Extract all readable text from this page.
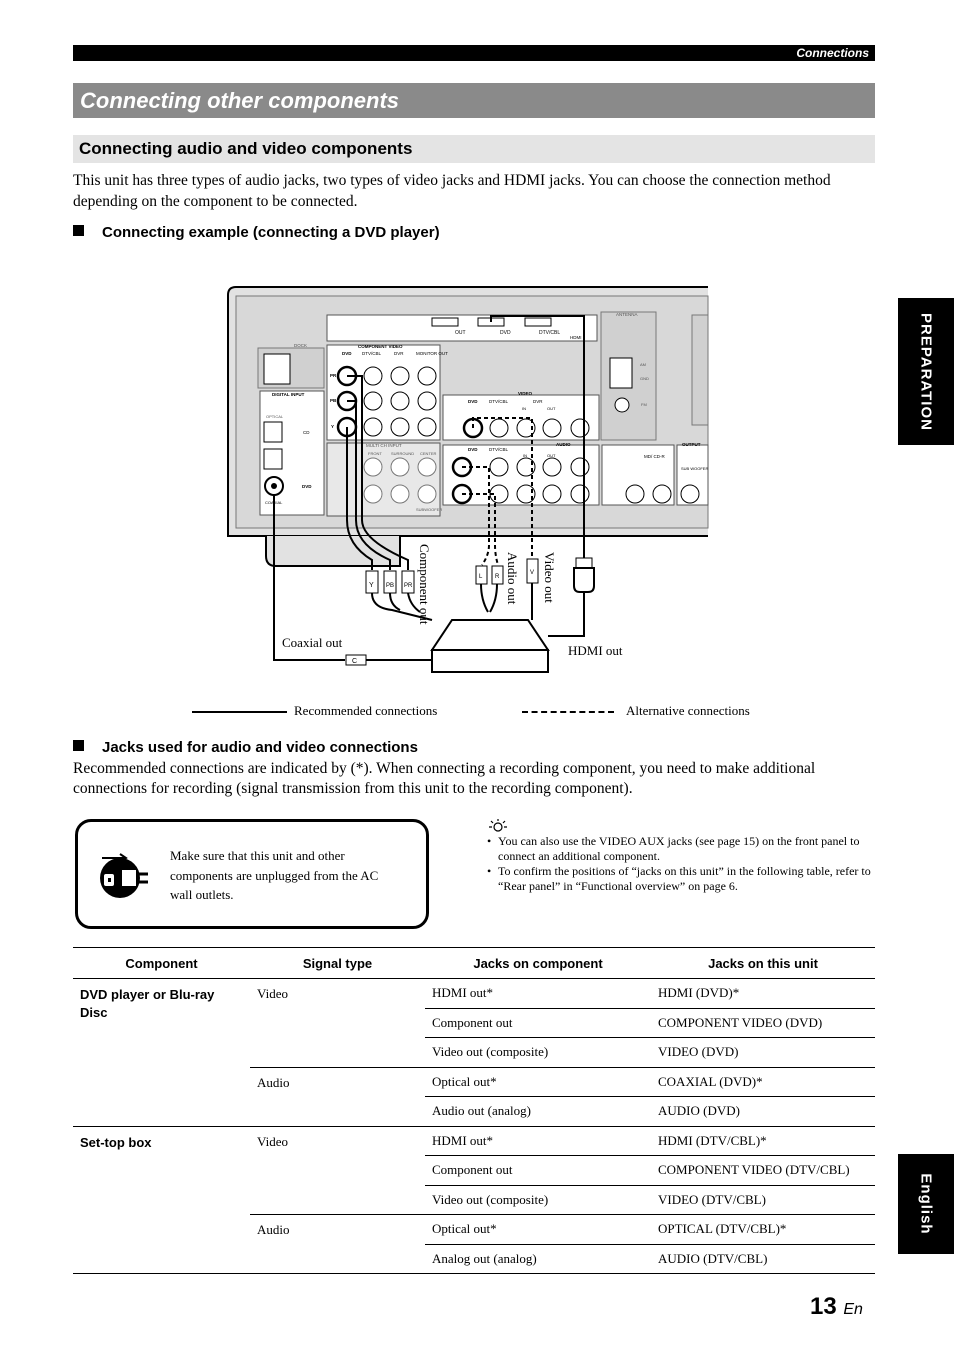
Connections
Connecting other components
Connecting audio and video components
This unit has three types of audio jacks, two types of video jacks and HDMI jacks. You can choose the connection method depending on the component to be connected.
Connecting example (connecting a DVD player)
PREPARATION
English
OUT	DVD	DTV/CBL
HDMI
ANTENNA
AM
GND
FM
DOCK
DIGITAL INPUT
OPTICAL
CD
DVD
COAXIAL
COMPONENT VIDEO
DVD DTV/CBL	DVR	MONITOR OUT
PR
PB
Y
MULTI CH INPUT
FRONT SURROUND CENTER
SUBWOOFER
VIDEO
DVD	DTV/CBL	DVR
IN	OUT
AUDIO
DVD	DTV/CBL
IN	OUT	MD/ CD-R
OUTPUT
SUB WOOFER
C
Y PB PR
L R
V
Component out	Audio out Video out
Coaxial out
HDMI out
Recommended connections	Alternative connections
Jacks used for audio and video connections
Recommended connections are indicated by (*). When connecting a recording component, you need to make additional connections for recording (signal transmission from this unit to the recording component).
Make sure that this unit and other components are unplugged from the AC wall outlets.
• You can also use the VIDEO AUX jacks (see page 15) on the front panel to connect an additional component.
• To confirm the positions of “jacks on this unit” in the following table, refer to “Rear panel” in “Functional overview” on page 6.
Component	Signal type	Jacks on component	Jacks on this unit
DVD player or Blu-ray Disc	Video	HDMI out*	HDMI (DVD)*
		Component out	COMPONENT VIDEO (DVD)
		Video out (composite)	VIDEO (DVD)
	Audio	Optical out*	COAXIAL (DVD)*
		Audio out (analog)	AUDIO (DVD)
Set-top box	Video	HDMI out*	HDMI (DTV/CBL)*
		Component out	COMPONENT VIDEO (DTV/CBL)
		Video out (composite)	VIDEO (DTV/CBL)
	Audio	Optical out*	OPTICAL (DTV/CBL)*
		Analog out (analog)	AUDIO (DTV/CBL)
13 En
